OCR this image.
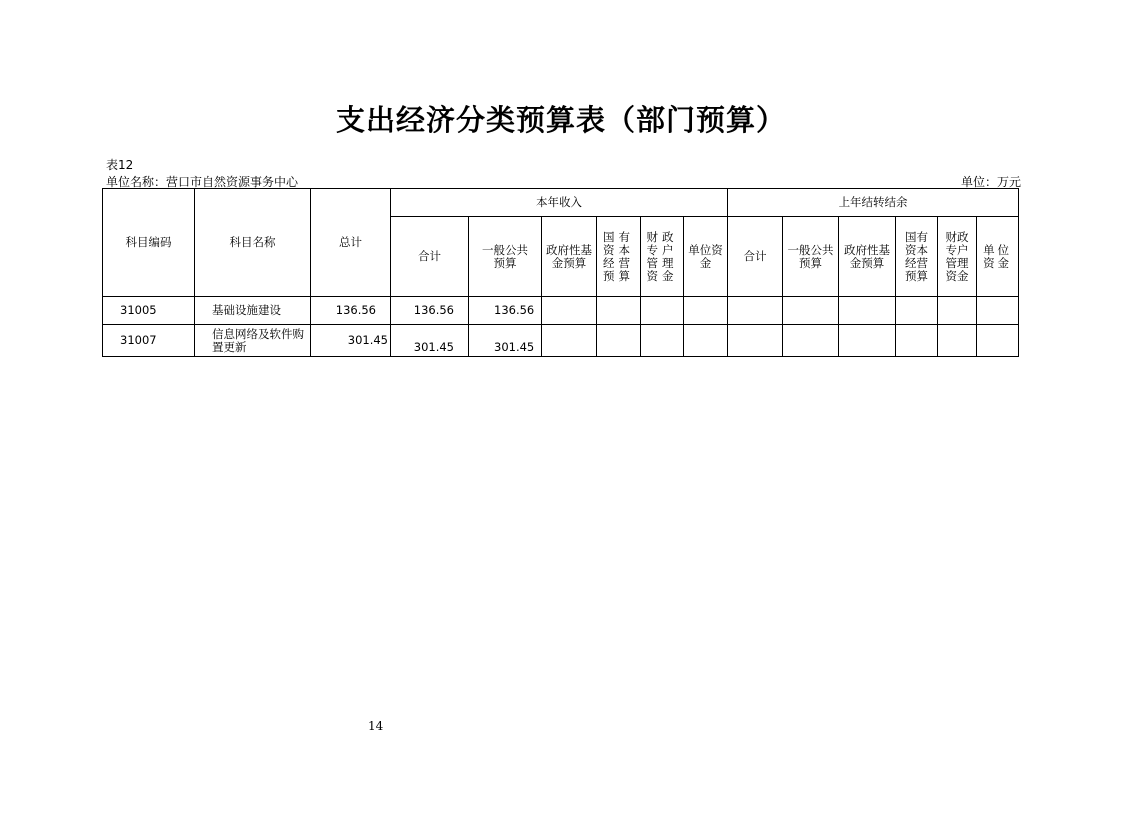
支出经济分类预算表（部门预算）
表12
单位名称：营口市自然资源事务中心	单位：万元
科目编码	科目名称	总计	本年收入						上年结转结余					
			合计	一般公共预算	政府性基金预算	国有资本经营预算	财政专户管理资金	单位资金	合计	一般公共预算	政府性基金预算	国有资本经营预算	财政专户管理资金	单位资金

31005	基础设施建设	136.56	136.56	136.56										
31007	信息网络及软件购置更新	301.45	301.45	301.45										
14
